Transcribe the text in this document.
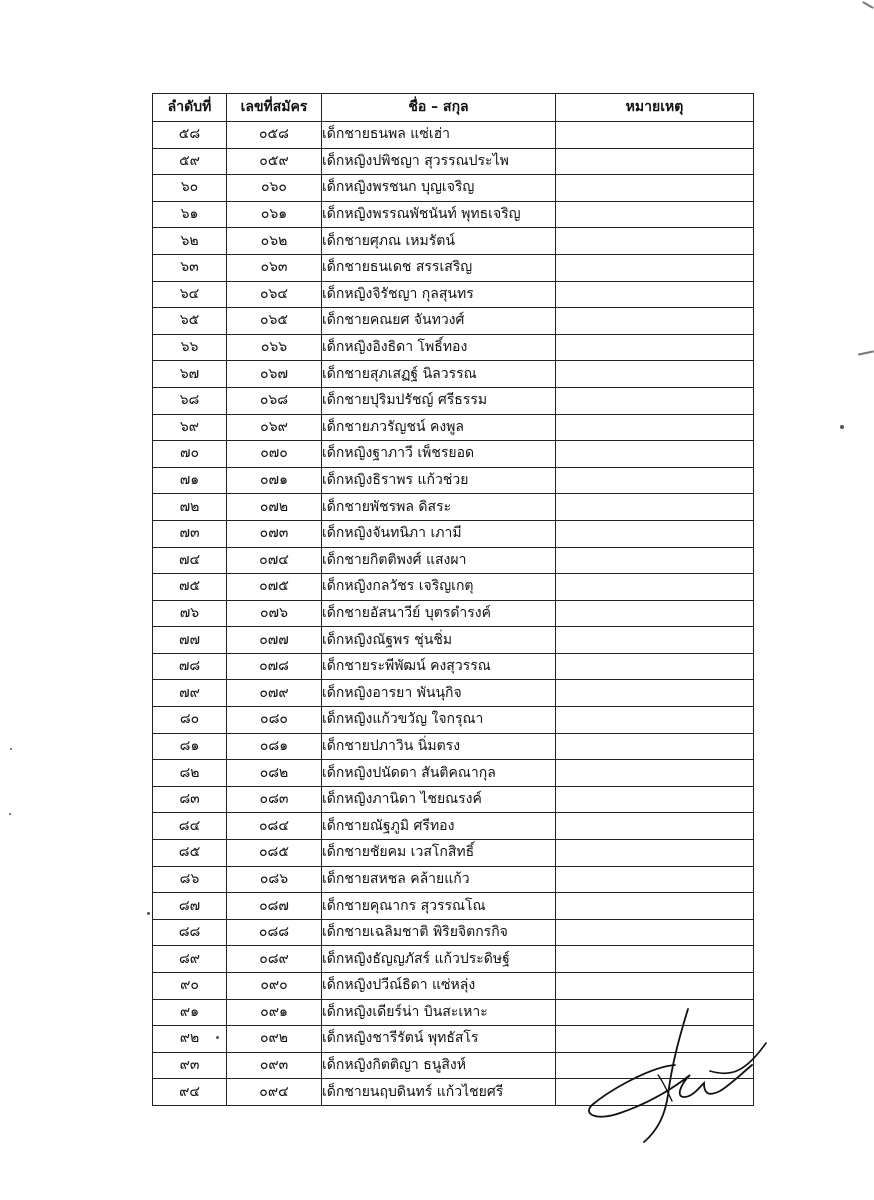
ลำดับที่	เลขที่สมัคร	ชื่อ – สกุล	หมายเหตุ
๕๘	๐๕๘	เด็กชายธนพล แซ่เฮ่า	
๕๙	๐๕๙	เด็กหญิงปพิชญา สุวรรณประไพ	
๖๐	๐๖๐	เด็กหญิงพรชนก บุญเจริญ	
๖๑	๐๖๑	เด็กหญิงพรรณพัชนันท์ พุทธเจริญ	
๖๒	๐๖๒	เด็กชายศุภณ เหมรัตน์	
๖๓	๐๖๓	เด็กชายธนเดช สรรเสริญ	
๖๔	๐๖๔	เด็กหญิงจิรัชญา กุลสุนทร	
๖๕	๐๖๕	เด็กชายคณยศ จันทวงศ์	
๖๖	๐๖๖	เด็กหญิงอิงธิดา โพธิ์ทอง	
๖๗	๐๖๗	เด็กชายสุภเสฏฐ์ นิลวรรณ	
๖๘	๐๖๘	เด็กชายปุริมปรัชญ์ ศรีธรรม	
๖๙	๐๖๙	เด็กชายภวรัญชน์ คงพูล	
๗๐	๐๗๐	เด็กหญิงฐาภาวี เพ็ชรยอด	
๗๑	๐๗๑	เด็กหญิงธิราพร แก้วช่วย	
๗๒	๐๗๒	เด็กชายพัชรพล ดิสระ	
๗๓	๐๗๓	เด็กหญิงจันทนิภา เภามี	
๗๔	๐๗๔	เด็กชายกิตติพงศ์ แสงผา	
๗๕	๐๗๕	เด็กหญิงกลวัชร เจริญเกตุ	
๗๖	๐๗๖	เด็กชายอัสนาวีย์ บุตรดำรงค์	
๗๗	๐๗๗	เด็กหญิงณัฐพร ชุ่นชิ่ม	
๗๘	๐๗๘	เด็กชายระพีพัฒน์ คงสุวรรณ	
๗๙	๐๗๙	เด็กหญิงอารยา พันนุกิจ	
๘๐	๐๘๐	เด็กหญิงแก้วขวัญ ใจกรุณา	
๘๑	๐๘๑	เด็กชายปภาวิน นิ่มตรง	
๘๒	๐๘๒	เด็กหญิงปนัดดา สันติคณากุล	
๘๓	๐๘๓	เด็กหญิงภานิดา ไชยณรงค์	
๘๔	๐๘๔	เด็กชายณัฐภูมิ ศรีทอง	
๘๕	๐๘๕	เด็กชายชัยคม เวสโกสิทธิ์	
๘๖	๐๘๖	เด็กชายสหชล คล้ายแก้ว	
๘๗	๐๘๗	เด็กชายคุณากร สุวรรณโณ	
๘๘	๐๘๘	เด็กชายเฉลิมชาติ พิริยจิตกรกิจ	
๘๙	๐๘๙	เด็กหญิงธัญญภัสร์ แก้วประดิษฐ์	
๙๐	๐๙๐	เด็กหญิงปวีณ์ธิดา แซ่หลุ่ง	
๙๑	๐๙๑	เด็กหญิงเดียร์น่า บินสะเหาะ	
๙๒	๐๙๒	เด็กหญิงชารีรัตน์ พุทธัสโร	
๙๓	๐๙๓	เด็กหญิงกิตติญา ธนูสิงห์	
๙๔	๐๙๔	เด็กชายนฤบดินทร์ แก้วไชยศรี	
